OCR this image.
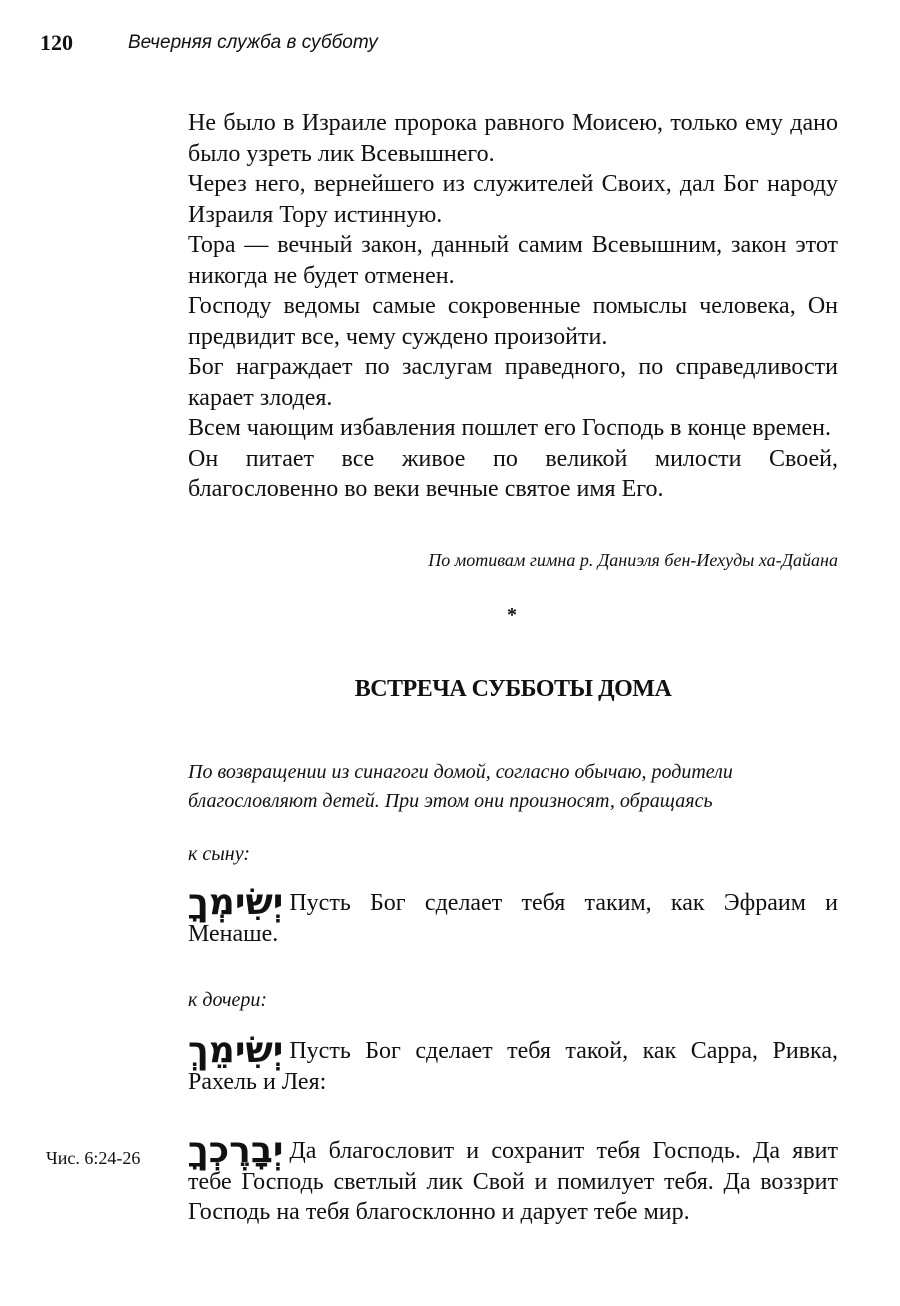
120	Вечерняя служба в субботу

Не было в Израиле пророка равного Моисею, только ему дано было узреть лик Всевышнего.

Через него, вернейшего из служителей Своих, дал Бог народу Израиля Тору истинную.

Тора — вечный закон, данный самим Всевышним, закон этот никогда не будет отменен.

Господу ведомы самые сокровенные помыслы человека, Он предвидит все, чему суждено произойти.

Бог награждает по заслугам праведного, по справедливости карает злодея.

Всем чающим избавления пошлет его Господь в конце времен.

Он питает все живое по великой милости Своей, благословенно во веки вечные святое имя Его.

По мотивам гимна р. Даниэля бен-Иехуды ха-Дайана
*
ВСТРЕЧА СУББОТЫ ДОМА
По возвращении из синагоги домой, согласно обычаю, родители благословляют детей. При этом они произносят, обращаясь
к сыну:
יְשִׂימְךָ Пусть Бог сделает тебя таким, как Эфраим и Менаше.
к дочери:
יְשִׂימֵךְ Пусть Бог сделает тебя такой, как Сарра, Ривка, Рахель и Лея:
Чис. 6:24-26 יְבָרֶכְךָ Да благословит и сохранит тебя Господь. Да явит тебе Господь светлый лик Свой и помилует тебя. Да воззрит Господь на тебя благосклонно и дарует тебе мир.
